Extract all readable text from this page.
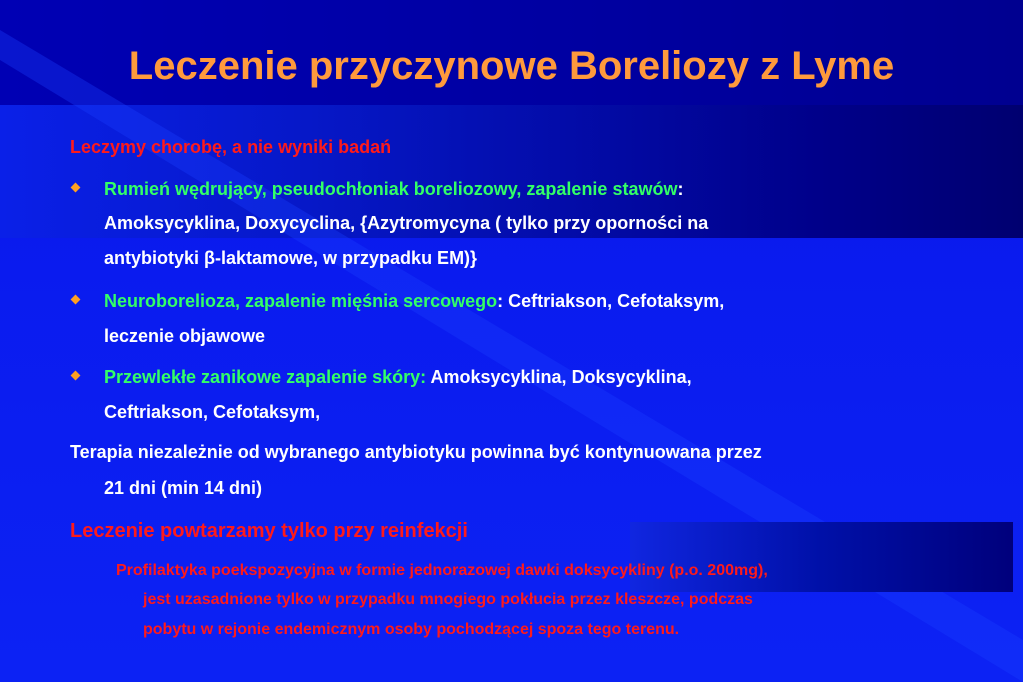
Leczenie przyczynowe Boreliozy z Lyme
Leczymy chorobę, a nie wyniki badań
Rumień wędrujący, pseudochłoniak boreliozowy, zapalenie stawów:
Amoksycyklina, Doxycyclina, {Azytromycyna ( tylko przy oporności na
antybiotyki β-laktamowe, w przypadku EM)}
Neuroborelioza, zapalenie mięśnia sercowego: Ceftriakson, Cefotaksym,
leczenie objawowe
Przewlekłe zanikowe zapalenie skóry: Amoksycyklina, Doksycyklina,
Ceftriakson, Cefotaksym,
Terapia niezależnie od wybranego antybiotyku powinna być kontynuowana przez
21 dni (min 14 dni)
Leczenie powtarzamy tylko przy reinfekcji
Profilaktyka poekspozycyjna w formie jednorazowej dawki doksycykliny (p.o. 200mg),
jest uzasadnione tylko w przypadku mnogiego pokłucia przez kleszcze, podczas
pobytu w rejonie endemicznym osoby pochodzącej spoza tego terenu.
